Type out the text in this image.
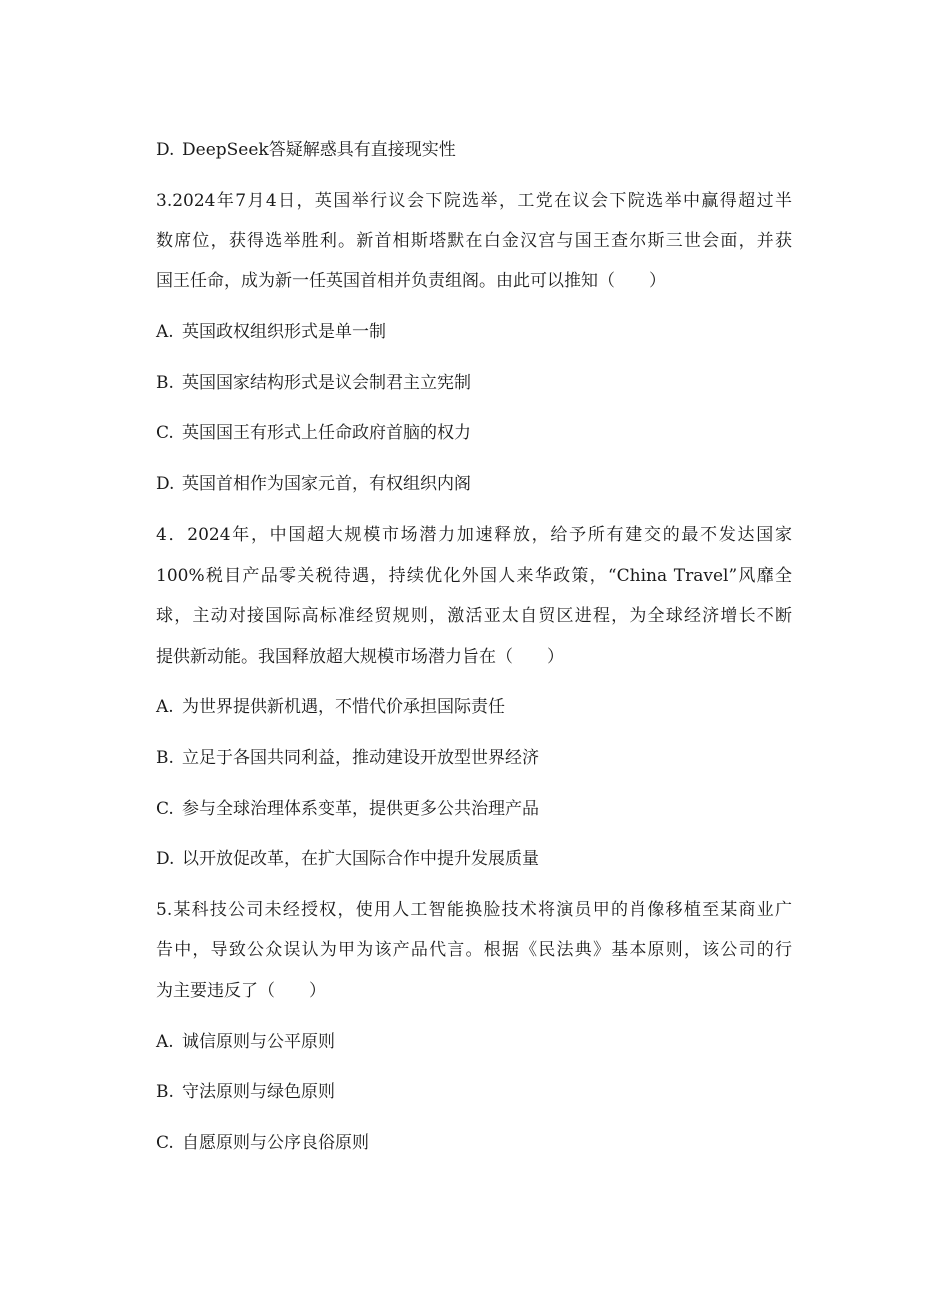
D. DeepSeek答疑解惑具有直接现实性
3.2024年7月4日，英国举行议会下院选举，工党在议会下院选举中赢得超过半
数席位，获得选举胜利。新首相斯塔默在白金汉宫与国王查尔斯三世会面，并获
国王任命，成为新一任英国首相并负责组阁。由此可以推知（　　）
A. 英国政权组织形式是单一制
B. 英国国家结构形式是议会制君主立宪制
C. 英国国王有形式上任命政府首脑的权力
D. 英国首相作为国家元首，有权组织内阁
4．2024年，中国超大规模市场潜力加速释放，给予所有建交的最不发达国家
100%税目产品零关税待遇，持续优化外国人来华政策，“China Travel”风靡全
球，主动对接国际高标准经贸规则，激活亚太自贸区进程，为全球经济增长不断
提供新动能。我国释放超大规模市场潜力旨在（　　）
A. 为世界提供新机遇，不惜代价承担国际责任
B. 立足于各国共同利益，推动建设开放型世界经济
C. 参与全球治理体系变革，提供更多公共治理产品
D. 以开放促改革，在扩大国际合作中提升发展质量
5.某科技公司未经授权，使用人工智能换脸技术将演员甲的肖像移植至某商业广
告中，导致公众误认为甲为该产品代言。根据《民法典》基本原则，该公司的行
为主要违反了（　　）
A. 诚信原则与公平原则
B. 守法原则与绿色原则
C. 自愿原则与公序良俗原则
